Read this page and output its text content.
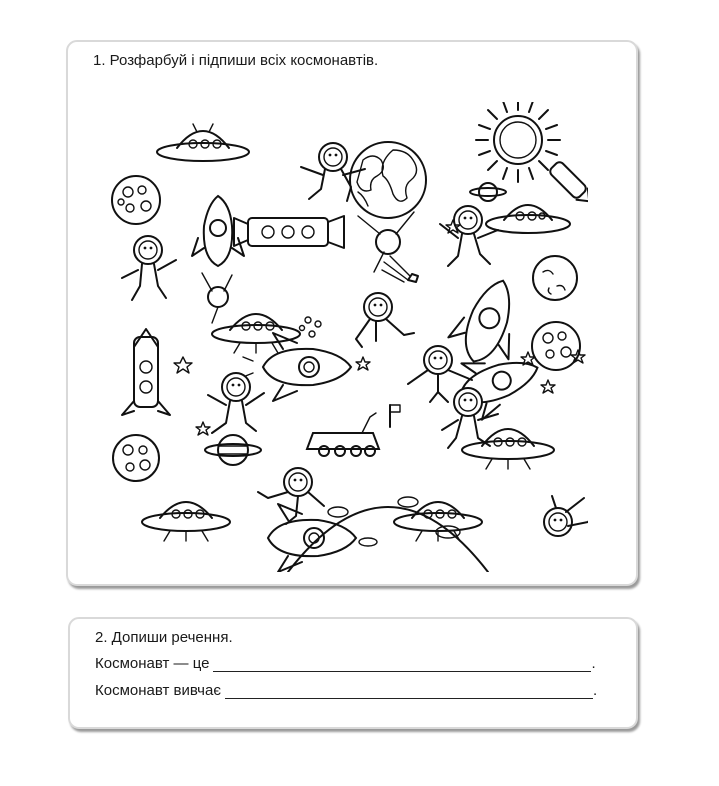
1. Розфарбуй і підпиши всіх космонавтів.
2. Допиши речення.
Космонавт — це	.
Космонавт вивчає	.
